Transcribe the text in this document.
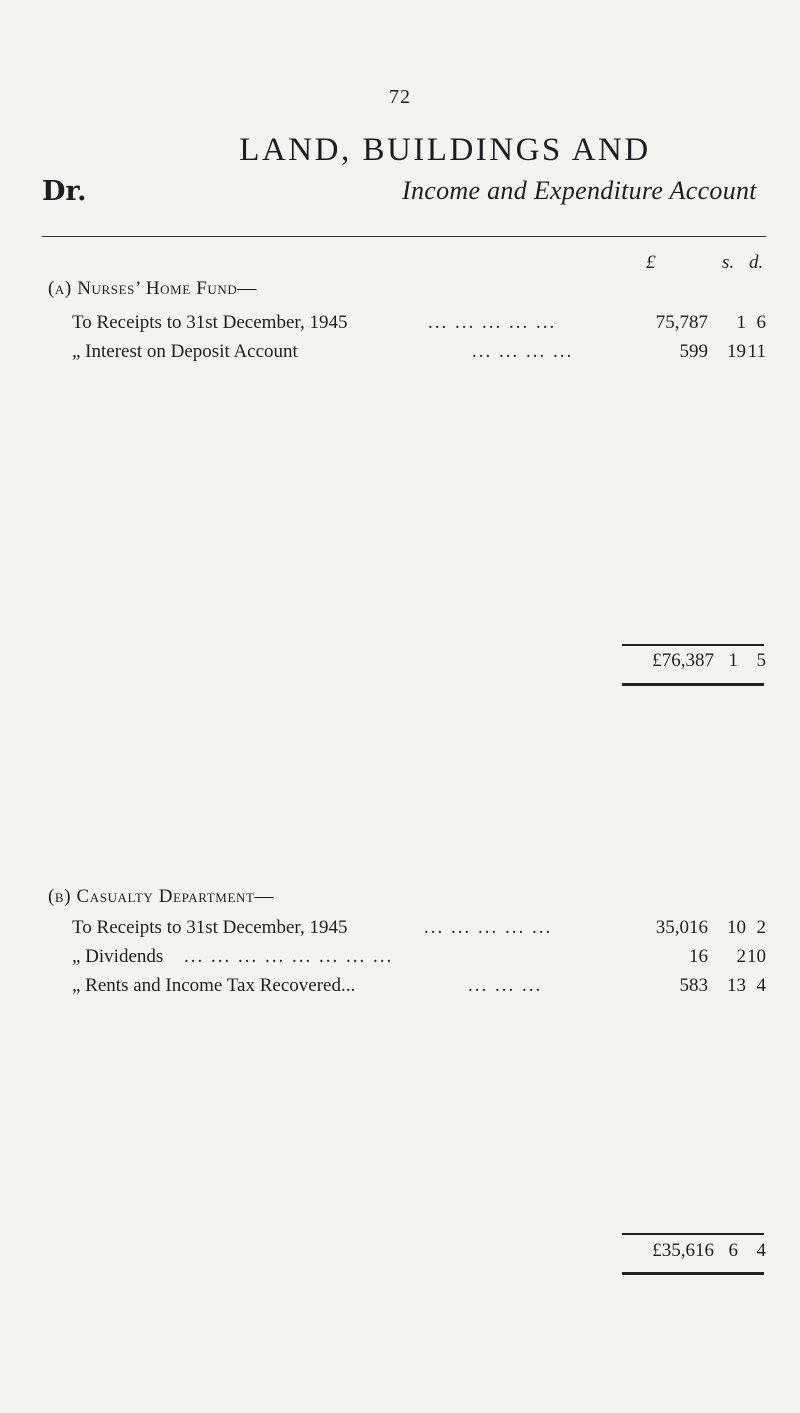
72
LAND, BUILDINGS AND
Dr.	Income and Expenditure Account
£	s. d.
(a) Nurses’ Home Fund—
To Receipts to 31st December, 1945	... ... ... ... ...	75,787	1 6
„ Interest on Deposit Account	... ... ... ...	599	19 11
£76,387 1 5
(b) Casualty Department—
To Receipts to 31st December, 1945	... ... ... ... ...	35,016	10 2
„ Dividends ... ... ... ... ... ... ... ...	16	2 10
„ Rents and Income Tax Recovered...	... ... ...	583	13 4
£35,616 6 4
